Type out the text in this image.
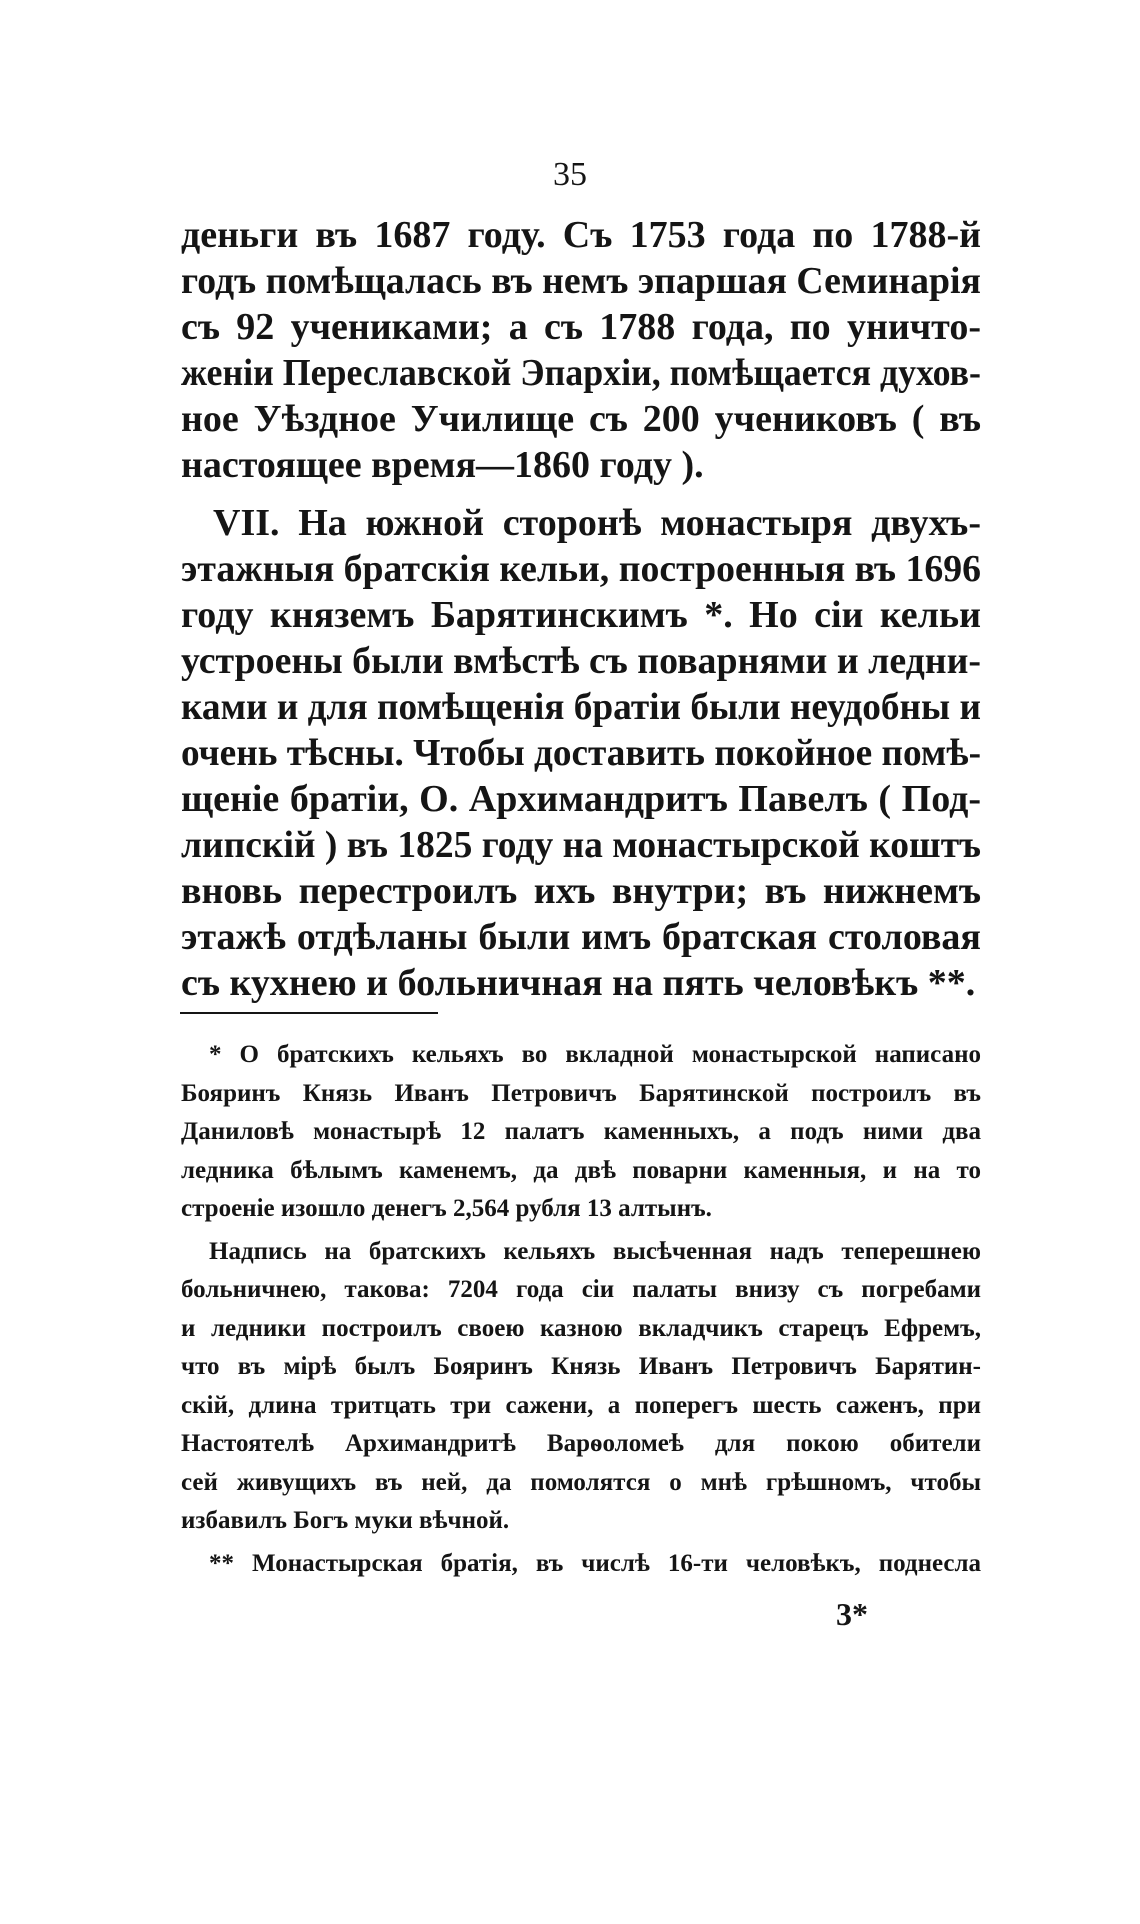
35
деньги въ 1687 году. Съ 1753 года по 1788-й
годъ помѣщалась въ немъ эпаршая Семинарія
съ 92 учениками; а съ 1788 года, по уничто-
женіи Переславской Эпархіи, помѣщается духов-
ное Уѣздное Училище съ 200 учениковъ ( въ
настоящее время—1860 году ).
VII. На южной сторонѣ монастыря двухъ-
этажныя братскія кельи, построенныя въ 1696
году княземъ Барятинскимъ *. Но сіи кельи
устроены были вмѣстѣ съ поварнями и ледни-
ками и для помѣщенія братіи были неудобны и
очень тѣсны. Чтобы доставить покойное помѣ-
щеніе братіи, О. Архимандритъ Павелъ ( Под-
липскій ) въ 1825 году на монастырской коштъ
вновь перестроилъ ихъ внутри; въ нижнемъ
этажѣ отдѣланы были имъ братская столовая
съ кухнею и больничная на пять человѣкъ **.
* О братскихъ кельяхъ во вкладной монастырской написано
Бояринъ Князь Иванъ Петровичъ Барятинской построилъ въ
Даниловѣ монастырѣ 12 палатъ каменныхъ, а подъ ними два
ледника бѣлымъ каменемъ, да двѣ поварни каменныя, и на то
строеніе изошло денегъ 2,564 рубля 13 алтынъ.
Надпись на братскихъ кельяхъ высѣченная надъ теперешнею
больничнею, такова: 7204 года сіи палаты внизу съ погребами
и ледники построилъ своею казною вкладчикъ старецъ Ефремъ,
что въ мірѣ былъ Бояринъ Князь Иванъ Петровичъ Барятин-
скій, длина тритцать три сажени, а поперегъ шесть саженъ, при
Настоятелѣ Архимандритѣ Варѳоломеѣ для покою обители
сей живущихъ въ ней, да помолятся о мнѣ грѣшномъ, чтобы
избавилъ Богъ муки вѣчной.
** Монастырская братія, въ числѣ 16-ти человѣкъ, поднесла
3*
